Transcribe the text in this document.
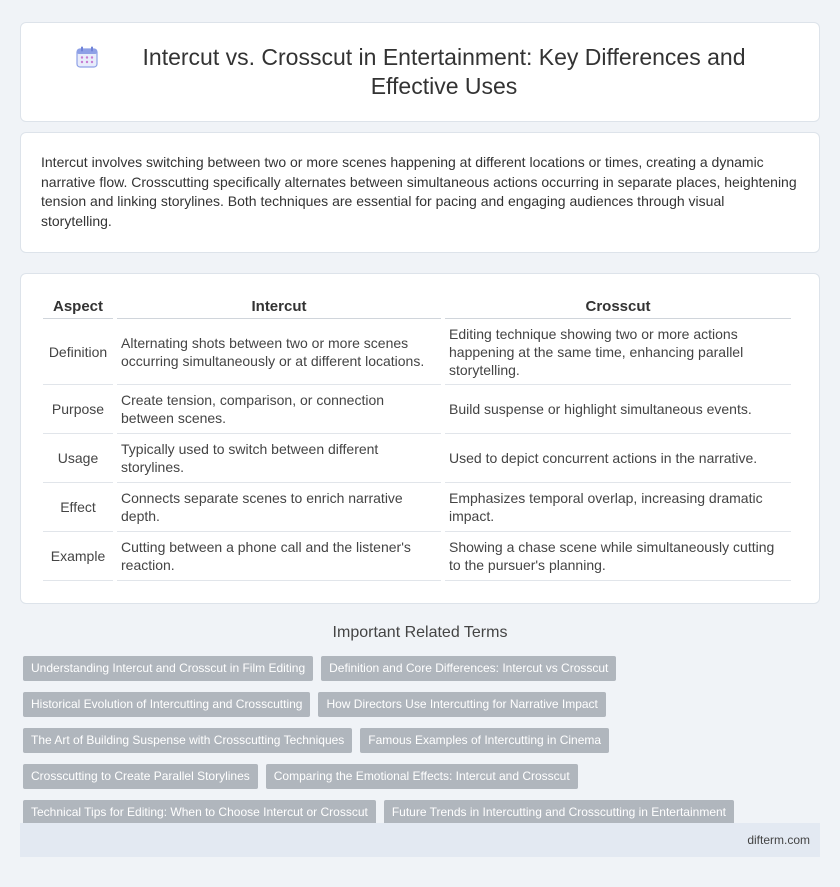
Intercut vs. Crosscut in Entertainment: Key Differences and Effective Uses

Intercut involves switching between two or more scenes happening at different locations or times, creating a dynamic narrative flow. Crosscutting specifically alternates between simultaneous actions occurring in separate places, heightening tension and linking storylines. Both techniques are essential for pacing and engaging audiences through visual storytelling.

Aspect	Intercut	Crosscut
Definition	Alternating shots between two or more scenes occurring simultaneously or at different locations.	Editing technique showing two or more actions happening at the same time, enhancing parallel storytelling.
Purpose	Create tension, comparison, or connection between scenes.	Build suspense or highlight simultaneous events.
Usage	Typically used to switch between different storylines.	Used to depict concurrent actions in the narrative.
Effect	Connects separate scenes to enrich narrative depth.	Emphasizes temporal overlap, increasing dramatic impact.
Example	Cutting between a phone call and the listener's reaction.	Showing a chase scene while simultaneously cutting to the pursuer's planning.
Important Related Terms
Understanding Intercut and Crosscut in Film Editing	Definition and Core Differences: Intercut vs Crosscut
Historical Evolution of Intercutting and Crosscutting	How Directors Use Intercutting for Narrative Impact
The Art of Building Suspense with Crosscutting Techniques	Famous Examples of Intercutting in Cinema
Crosscutting to Create Parallel Storylines	Comparing the Emotional Effects: Intercut and Crosscut
Technical Tips for Editing: When to Choose Intercut or Crosscut	Future Trends in Intercutting and Crosscutting in Entertainment
difterm.com
